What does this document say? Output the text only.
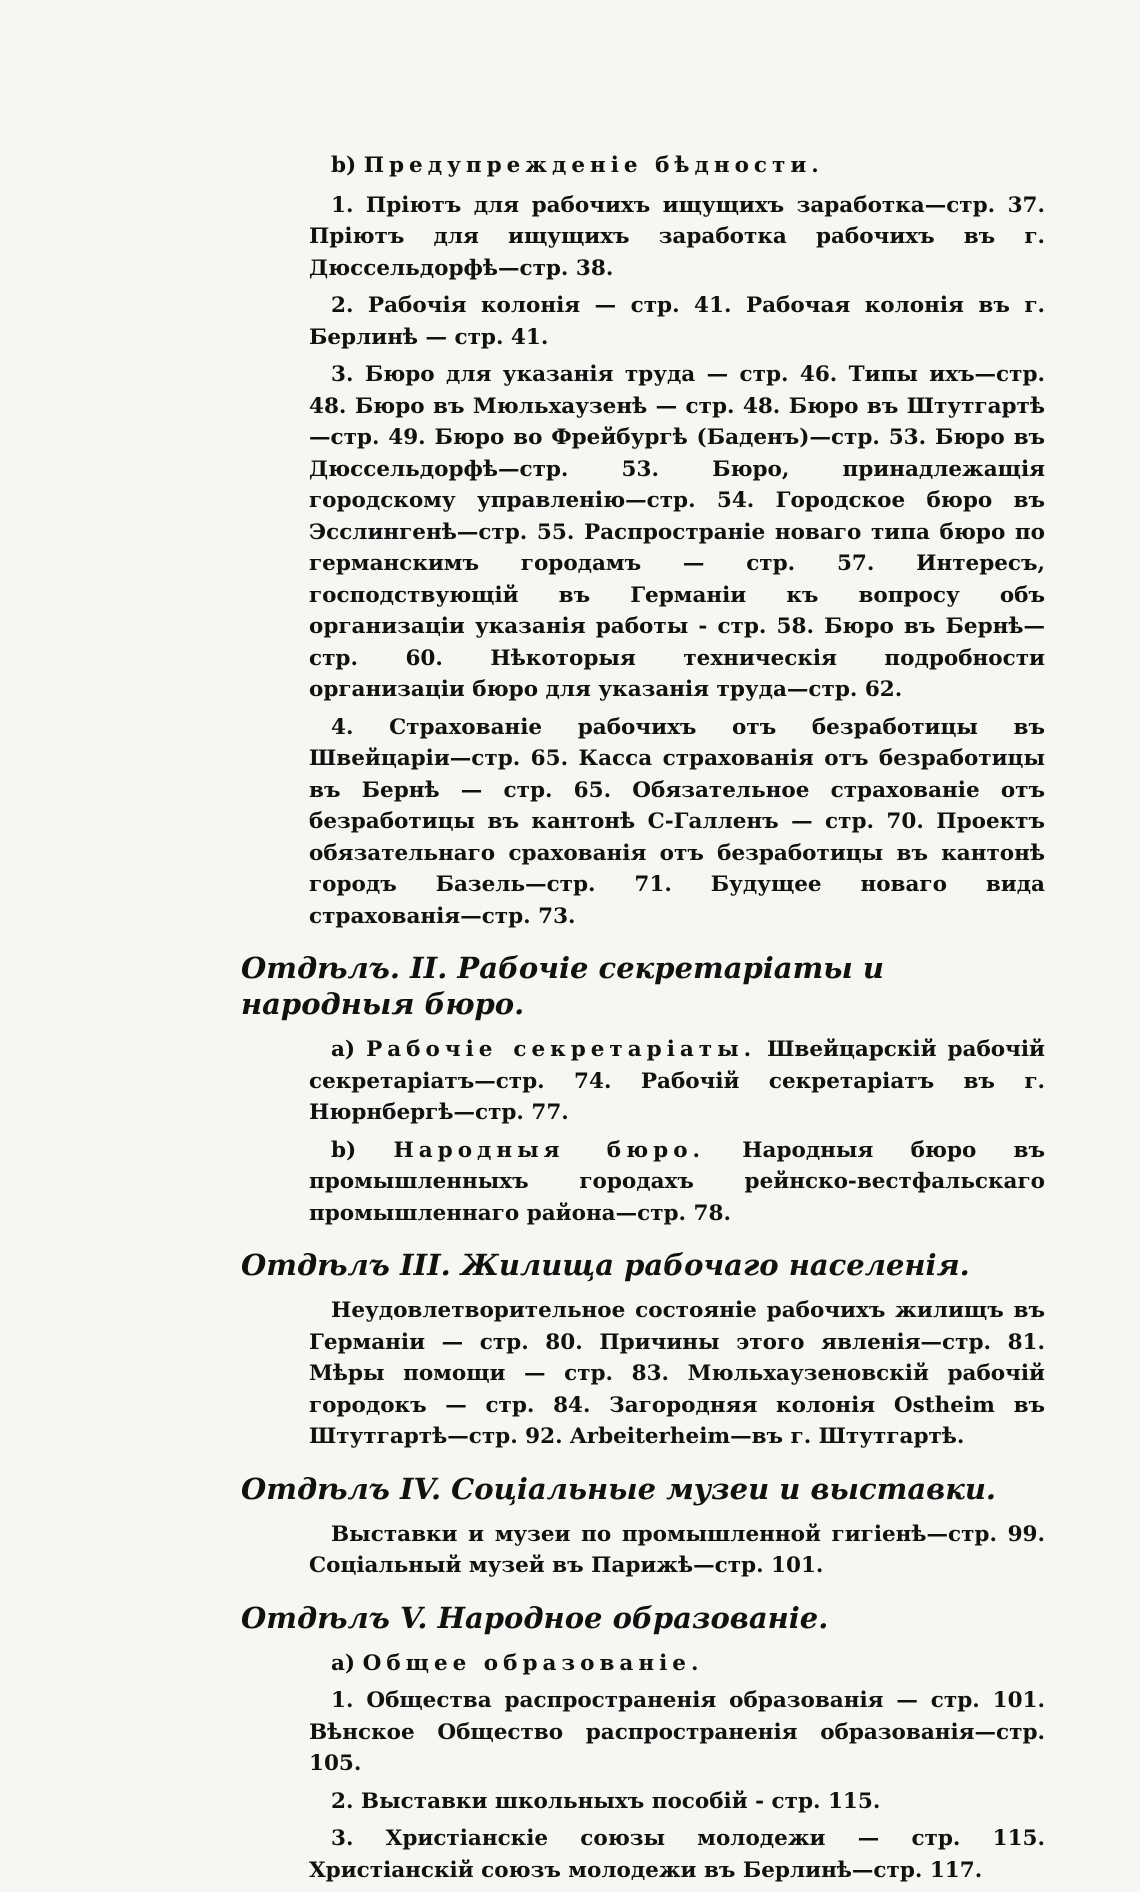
b) Предупрежденіе бѣдности.

1. Пріютъ для рабочихъ ищущихъ заработка—стр. 37. Пріютъ для ищущихъ заработка рабочихъ въ г. Дюссельдорфѣ—стр. 38.

2. Рабочія колонія — стр. 41. Рабочая колонія въ г. Берлинѣ — стр. 41.

3. Бюро для указанія труда — стр. 46. Типы ихъ—стр. 48. Бюро въ Мюльхаузенѣ — стр. 48. Бюро въ Штутгартѣ—стр. 49. Бюро во Фрейбургѣ (Баденъ)—стр. 53. Бюро въ Дюссельдорфѣ—стр. 53. Бюро, принадлежащія городскому управленію—стр. 54. Городское бюро въ Эсслингенѣ—стр. 55. Распространіе новаго типа бюро по германскимъ городамъ — стр. 57. Интересъ, господствующій въ Германіи къ вопросу объ организаціи указанія работы - стр. 58. Бюро въ Бернѣ—стр. 60. Нѣкоторыя техническія подробности организаціи бюро для указанія труда—стр. 62.

4. Страхованіе рабочихъ отъ безработицы въ Швейцаріи—стр. 65. Касса страхованія отъ безработицы въ Бернѣ — стр. 65. Обязательное страхованіе отъ безработицы въ кантонѣ С-Галленъ — стр. 70. Проектъ обязательнаго срахованія отъ безработицы въ кантонѣ городъ Базель—стр. 71. Будущее новаго вида страхованія—стр. 73.

Отдѣлъ. II. Рабочіе секретаріаты и народныя бюро.

а) Рабочіе секретаріаты. Швейцарскій рабочій секретаріатъ—стр. 74. Рабочій секретаріатъ въ г. Нюрнбергѣ—стр. 77.

b) Народныя бюро. Народныя бюро въ промышленныхъ городахъ рейнско-вестфальскаго промышленнаго района—стр. 78.

Отдѣлъ III. Жилища рабочаго населенія.

Неудовлетворительное состояніе рабочихъ жилищъ въ Германіи — стр. 80. Причины этого явленія—стр. 81. Мѣры помощи — стр. 83. Мюльхаузеновскій рабочій городокъ — стр. 84. Загородняя колонія Ostheim въ Штутгартѣ—стр. 92. Arbeiterheim—въ г. Штутгартѣ.

Отдѣлъ IV. Соціальные музеи и выставки.

Выставки и музеи по промышленной гигіенѣ—стр. 99. Соціальный музей въ Парижѣ—стр. 101.

Отдѣлъ V. Народное образованіе.

а) Общее образованіе.

1. Общества распространенія образованія — стр. 101. Вѣнское Общество распространенія образованія—стр. 105.

2. Выставки школьныхъ пособій - стр. 115.

3. Христіанскіе союзы молодежи — стр. 115. Христіанскій союзъ молодежи въ Берлинѣ—стр. 117.
